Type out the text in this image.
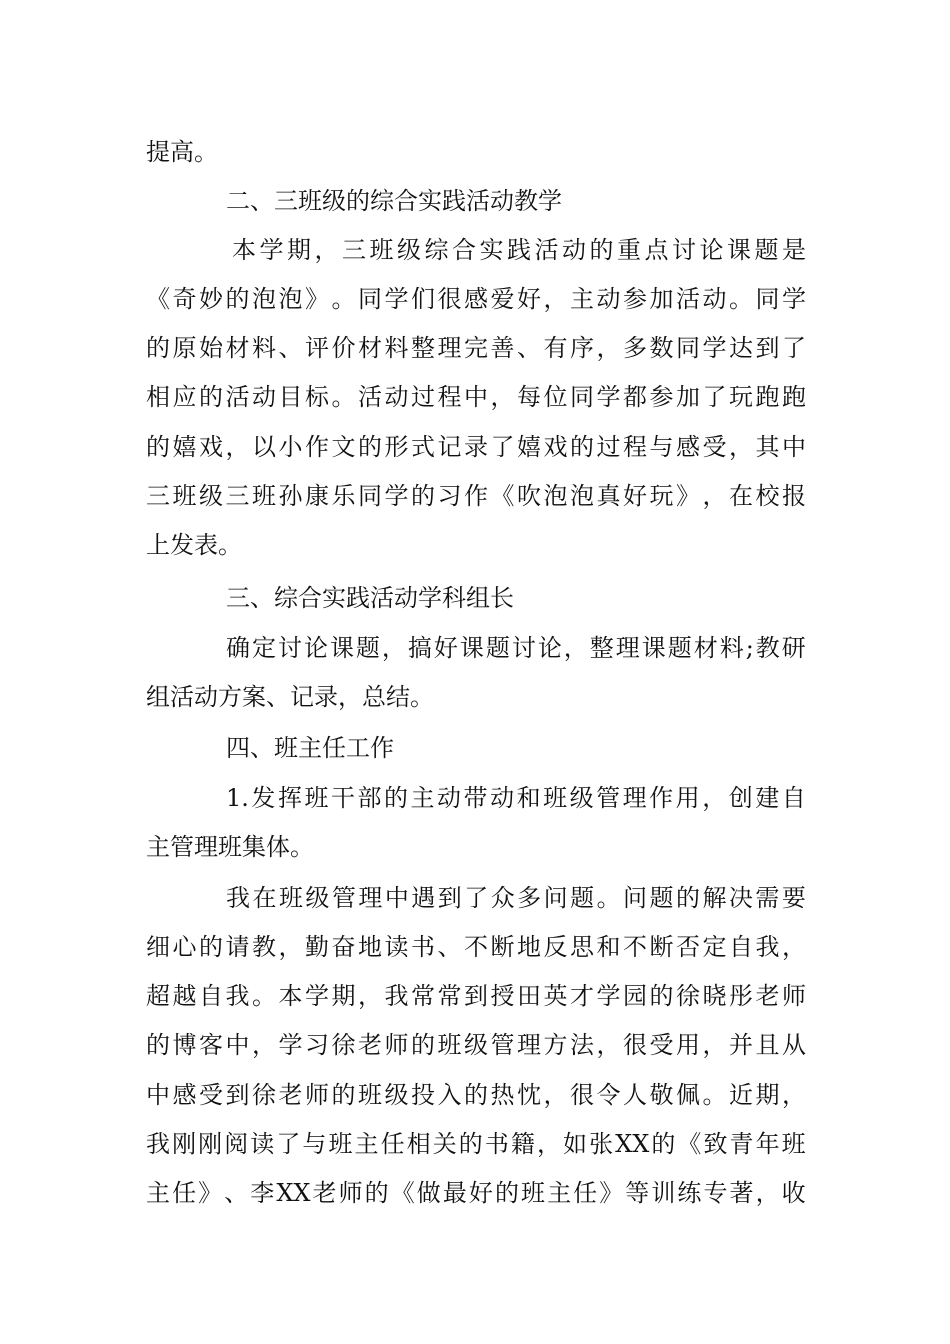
提高。
二、三班级的综合实践活动教学
本 学 期 ， 三 班 级 综 合 实 践 活 动 的 重 点 讨 论 课 题 是
《 奇 妙 的 泡 泡 》 。 同 学 们 很 感 爱 好 ， 主 动 参 加 活 动 。 同 学
的 原 始 材 料 、 评 价 材 料 整 理 完 善 、 有 序 ， 多 数 同 学 达 到 了
相 应 的 活 动 目 标 。 活 动 过 程 中 ， 每 位 同 学 都 参 加 了 玩 跑 跑
的 嬉 戏 ， 以 小 作 文 的 形 式 记 录 了 嬉 戏 的 过 程 与 感 受 ， 其 中
三 班 级 三 班 孙 康 乐 同 学 的 习 作 《 吹 泡 泡 真 好 玩 》 ， 在 校 报
上发表。
三、综合实践活动学科组长
确 定 讨 论 课 题 ， 搞 好 课 题 讨 论 ， 整 理 课 题 材 料 ; 教 研
组活动方案、记录，总结。
四、班主任工作
1. 发 挥 班 干 部 的 主 动 带 动 和 班 级 管 理 作 用 ， 创 建 自
主管理班集体。
我 在 班 级 管 理 中 遇 到 了 众 多 问 题 。 问 题 的 解 决 需 要
细 心 的 请 教 ， 勤 奋 地 读 书 、 不 断 地 反 思 和 不 断 否 定 自 我 ，
超 越 自 我 。 本 学 期 ， 我 常 常 到 授 田 英 才 学 园 的 徐 晓 彤 老 师
的 博 客 中 ， 学 习 徐 老 师 的 班 级 管 理 方 法 ， 很 受 用 ， 并 且 从
中 感 受 到 徐 老 师 的 班 级 投 入 的 热 忱 ， 很 令 人 敬 佩 。 近 期 ，
我 刚 刚 阅 读 了 与 班 主 任 相 关 的 书 籍 ， 如 张 XX 的 《 致 青 年 班
主 任 》 、 李 XX 老 师 的 《 做 最 好 的 班 主 任 》 等 训 练 专 著 ， 收
